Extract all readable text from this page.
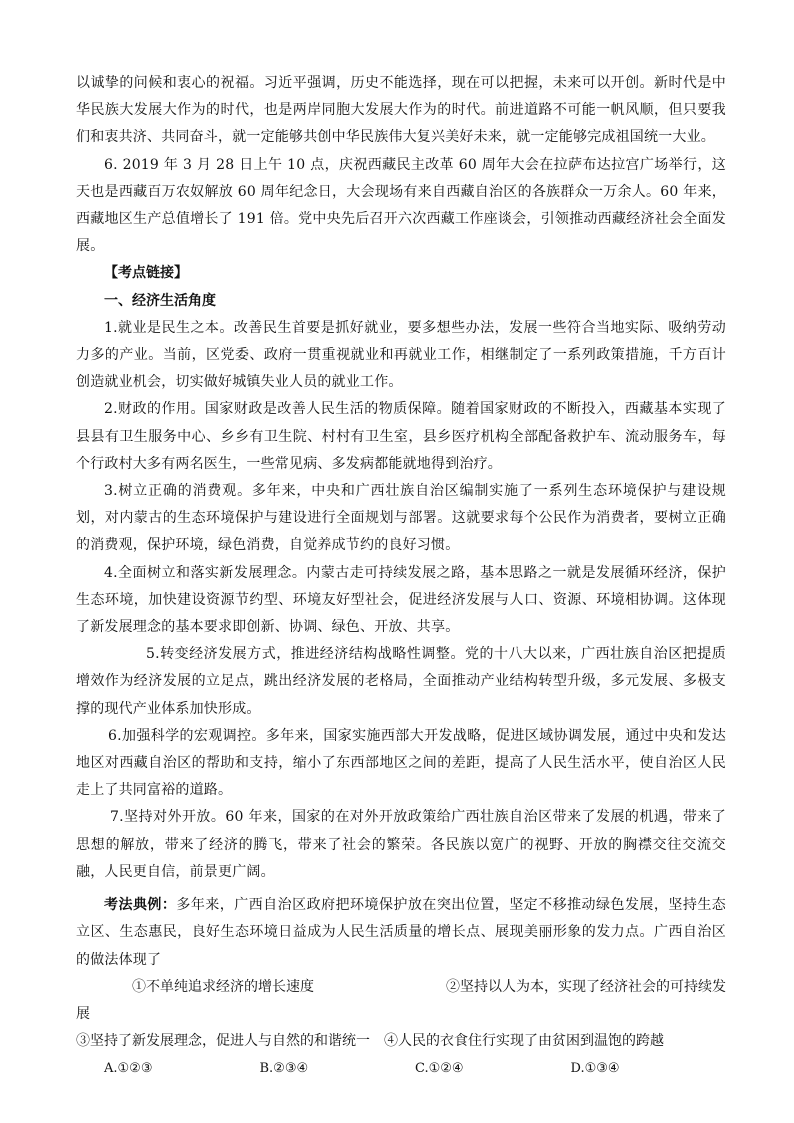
以诚挚的问候和衷心的祝福。习近平强调，历史不能选择，现在可以把握，未来可以开创。新时代是中华民族大发展大作为的时代，也是两岸同胞大发展大作为的时代。前进道路不可能一帆风顺，但只要我们和衷共济、共同奋斗，就一定能够共创中华民族伟大复兴美好未来，就一定能够完成祖国统一大业。

6. 2019 年 3 月 28 日上午 10 点，庆祝西藏民主改革 60 周年大会在拉萨布达拉宫广场举行，这天也是西藏百万农奴解放 60 周年纪念日，大会现场有来自西藏自治区的各族群众一万余人。60 年来，西藏地区生产总值增长了 191 倍。党中央先后召开六次西藏工作座谈会，引领推动西藏经济社会全面发展。

【考点链接】

一、经济生活角度

1.就业是民生之本。改善民生首要是抓好就业，要多想些办法，发展一些符合当地实际、吸纳劳动力多的产业。当前，区党委、政府一贯重视就业和再就业工作，相继制定了一系列政策措施，千方百计创造就业机会，切实做好城镇失业人员的就业工作。

2.财政的作用。国家财政是改善人民生活的物质保障。随着国家财政的不断投入，西藏基本实现了县县有卫生服务中心、乡乡有卫生院、村村有卫生室，县乡医疗机构全部配备救护车、流动服务车，每个行政村大多有两名医生，一些常见病、多发病都能就地得到治疗。

3.树立正确的消费观。多年来，中央和广西壮族自治区编制实施了一系列生态环境保护与建设规划，对内蒙古的生态环境保护与建设进行全面规划与部署。这就要求每个公民作为消费者，要树立正确的消费观，保护环境，绿色消费，自觉养成节约的良好习惯。

4.全面树立和落实新发展理念。内蒙古走可持续发展之路，基本思路之一就是发展循环经济，保护生态环境，加快建设资源节约型、环境友好型社会，促进经济发展与人口、资源、环境相协调。这体现了新发展理念的基本要求即创新、协调、绿色、开放、共享。

5.转变经济发展方式，推进经济结构战略性调整。党的十八大以来，广西壮族自治区把提质增效作为经济发展的立足点，跳出经济发展的老格局，全面推动产业结构转型升级，多元发展、多极支撑的现代产业体系加快形成。

6.加强科学的宏观调控。多年来，国家实施西部大开发战略，促进区域协调发展，通过中央和发达地区对西藏自治区的帮助和支持，缩小了东西部地区之间的差距，提高了人民生活水平，使自治区人民走上了共同富裕的道路。

7.坚持对外开放。60 年来，国家的在对外开放政策给广西壮族自治区带来了发展的机遇，带来了思想的解放，带来了经济的腾飞，带来了社会的繁荣。各民族以宽广的视野、开放的胸襟交往交流交融，人民更自信，前景更广阔。

考法典例：多年来，广西自治区政府把环境保护放在突出位置，坚定不移推动绿色发展，坚持生态立区、生态惠民，良好生态环境日益成为人民生活质量的增长点、展现美丽形象的发力点。广西自治区的做法体现了

①不单纯追求经济的增长速度	②坚持以人为本，实现了经济社会的可持续发
展
③坚持了新发展理念，促进人与自然的和谐统一 ④人民的衣食住行实现了由贫困到温饱的跨越
A.①②③	B.②③④	C.①②④	D.①③④
